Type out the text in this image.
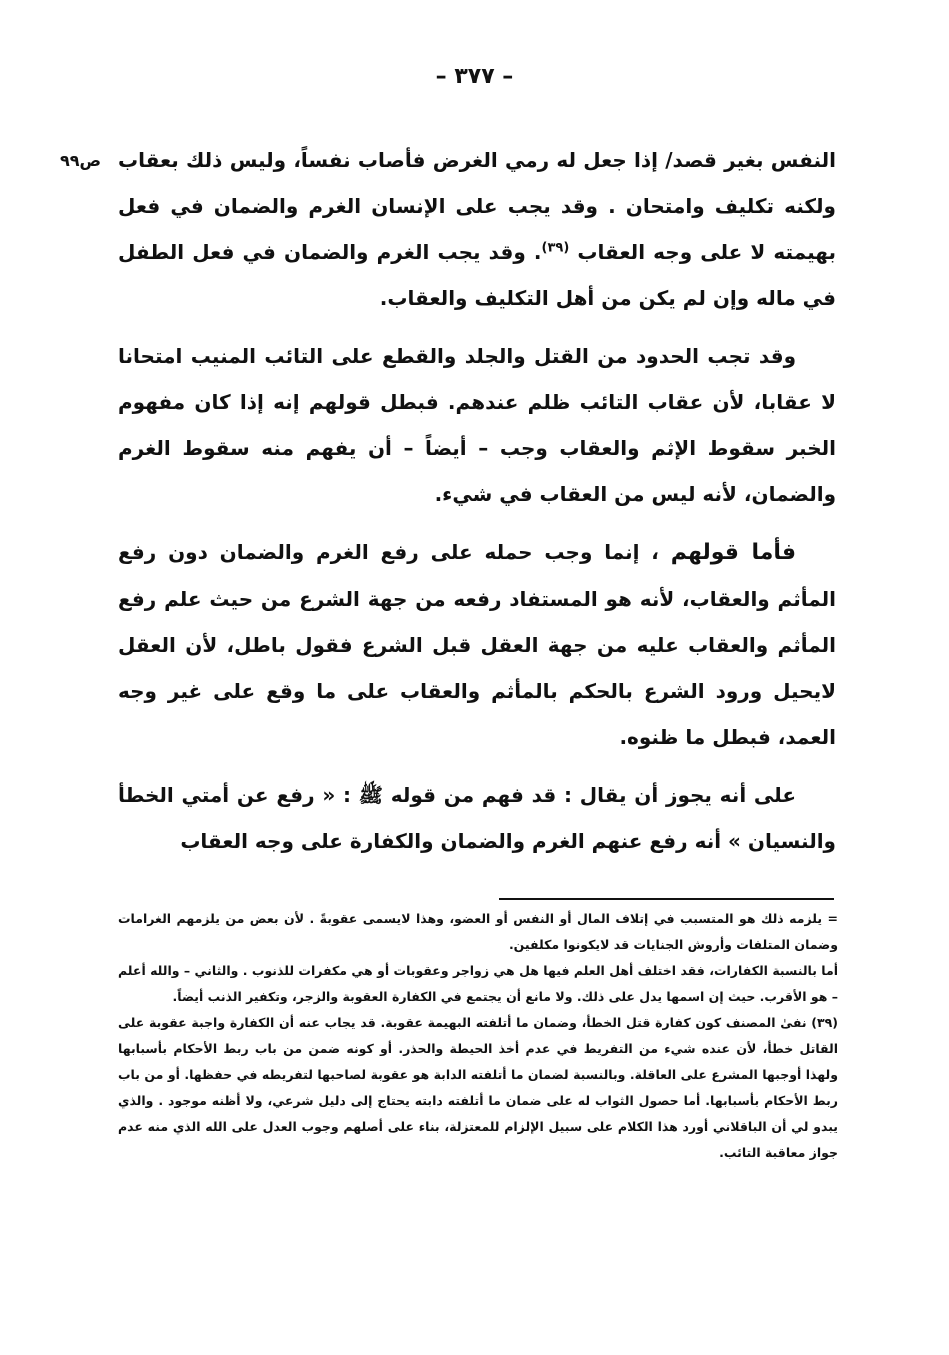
– ٣٧٧ –
ص٩٩ النفس بغير قصد/ إذا جعل له رمي الغرض فأصاب نفساً، وليس ذلك بعقاب ولكنه تكليف وامتحان . وقد يجب على الإنسان الغرم والضمان في فعل بهيمته لا على وجه العقاب $^{(٣٩)}$. وقد يجب الغرم والضمان في فعل الطفل في ماله وإن لم يكن من أهل التكليف والعقاب.

وقد تجب الحدود من القتل والجلد والقطع على التائب المنيب امتحانا لا عقابا، لأن عقاب التائب ظلم عندهم. فبطل قولهم إنه إذا كان مفهوم الخبر سقوط الإثم والعقاب وجب – أيضاً – أن يفهم منه سقوط الغرم والضمان، لأنه ليس من العقاب في شيء.

فأما قولهم ، إنما وجب حمله على رفع الغرم والضمان دون رفع المأثم والعقاب، لأنه هو المستفاد رفعه من جهة الشرع من حيث علم رفع المأثم والعقاب عليه من جهة العقل قبل الشرع فقول باطل، لأن العقل لايحيل ورود الشرع بالحكم بالمأثم والعقاب على ما وقع على غير وجه العمد، فبطل ما ظنوه.

على أنه يجوز أن يقال : قد فهم من قوله ﷺ : « رفع عن أمتي الخطأ والنسيان » أنه رفع عنهم الغرم والضمان والكفارة على وجه العقاب

= يلزمه ذلك هو المتسبب في إتلاف المال أو النفس أو العضو، وهذا لايسمى عقوبةً . لأن بعض من يلزمهم الغرامات وضمان المتلفات وأروش الجنايات قد لايكونوا مكلفين.

أما بالنسبة الكفارات، فقد اختلف أهل العلم فيها هل هي زواجر وعقوبات أو هي مكفرات للذنوب . والثاني – والله أعلم – هو الأقرب. حيث إن اسمها يدل على ذلك. ولا مانع أن يجتمع في الكفارة العقوبة والزجر، وتكفير الذنب أيضاً.

(٣٩) نفىٰ المصنف كون كفارة قتل الخطأ، وضمان ما أتلفته البهيمة عقوبة. قد يجاب عنه أن الكفارة واجبة عقوبة على القاتل خطأ، لأن عنده شيء من التفريط في عدم أخذ الحيطة والحذر. أو كونه ضمن من باب ربط الأحكام بأسبابها ولهذا أوجبها المشرع على العاقلة. وبالنسبة لضمان ما أتلفته الدابة هو عقوبة لصاحبها لتفريطه في حفظها. أو من باب ربط الأحكام بأسبابها. أما حصول الثواب له على ضمان ما أتلفته دابته يحتاج إلى دليل شرعي، ولا أظنه موجود . والذي يبدو لي أن الباقلاني أورد هذا الكلام على سبيل الإلزام للمعتزلة، بناء على أصلهم وجوب العدل على الله الذي منه عدم جواز معاقبة التائب.
